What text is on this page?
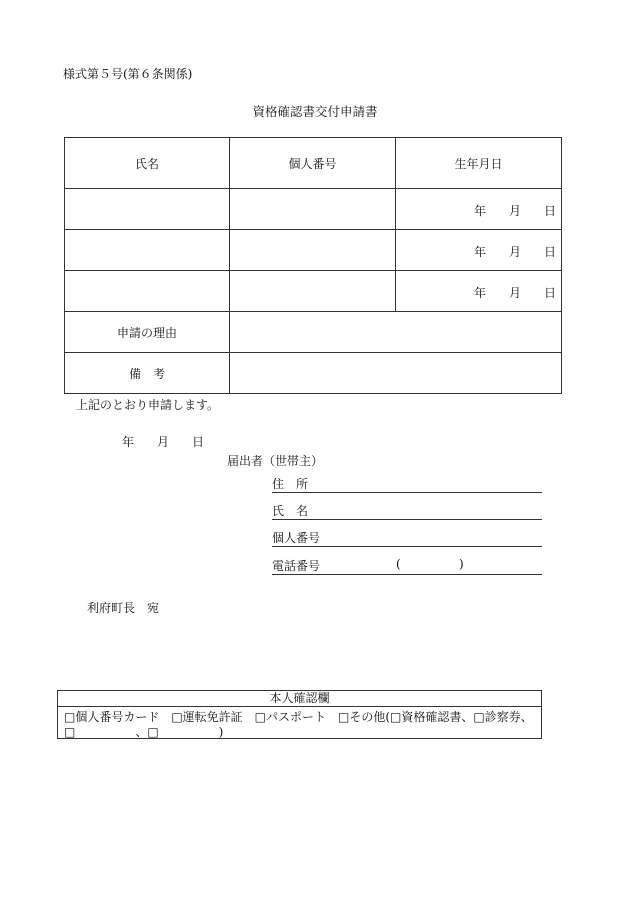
様式第５号(第６条関係)
資格確認書交付申請書
氏名	個人番号	生年月日

		年 月 日

		年 月 日

		年 月 日

申請の理由		
備　考		
上記のとおり申請します。
年 月 日
届出者（世帯主）
住　所
氏　名
個人番号
電話番号	(	)
利府町長　宛
本人確認欄
□個人番号カード　□運転免許証　□パスポート　□その他(□資格確認書、□診察券、
□　　　　　、□　　　　　)
